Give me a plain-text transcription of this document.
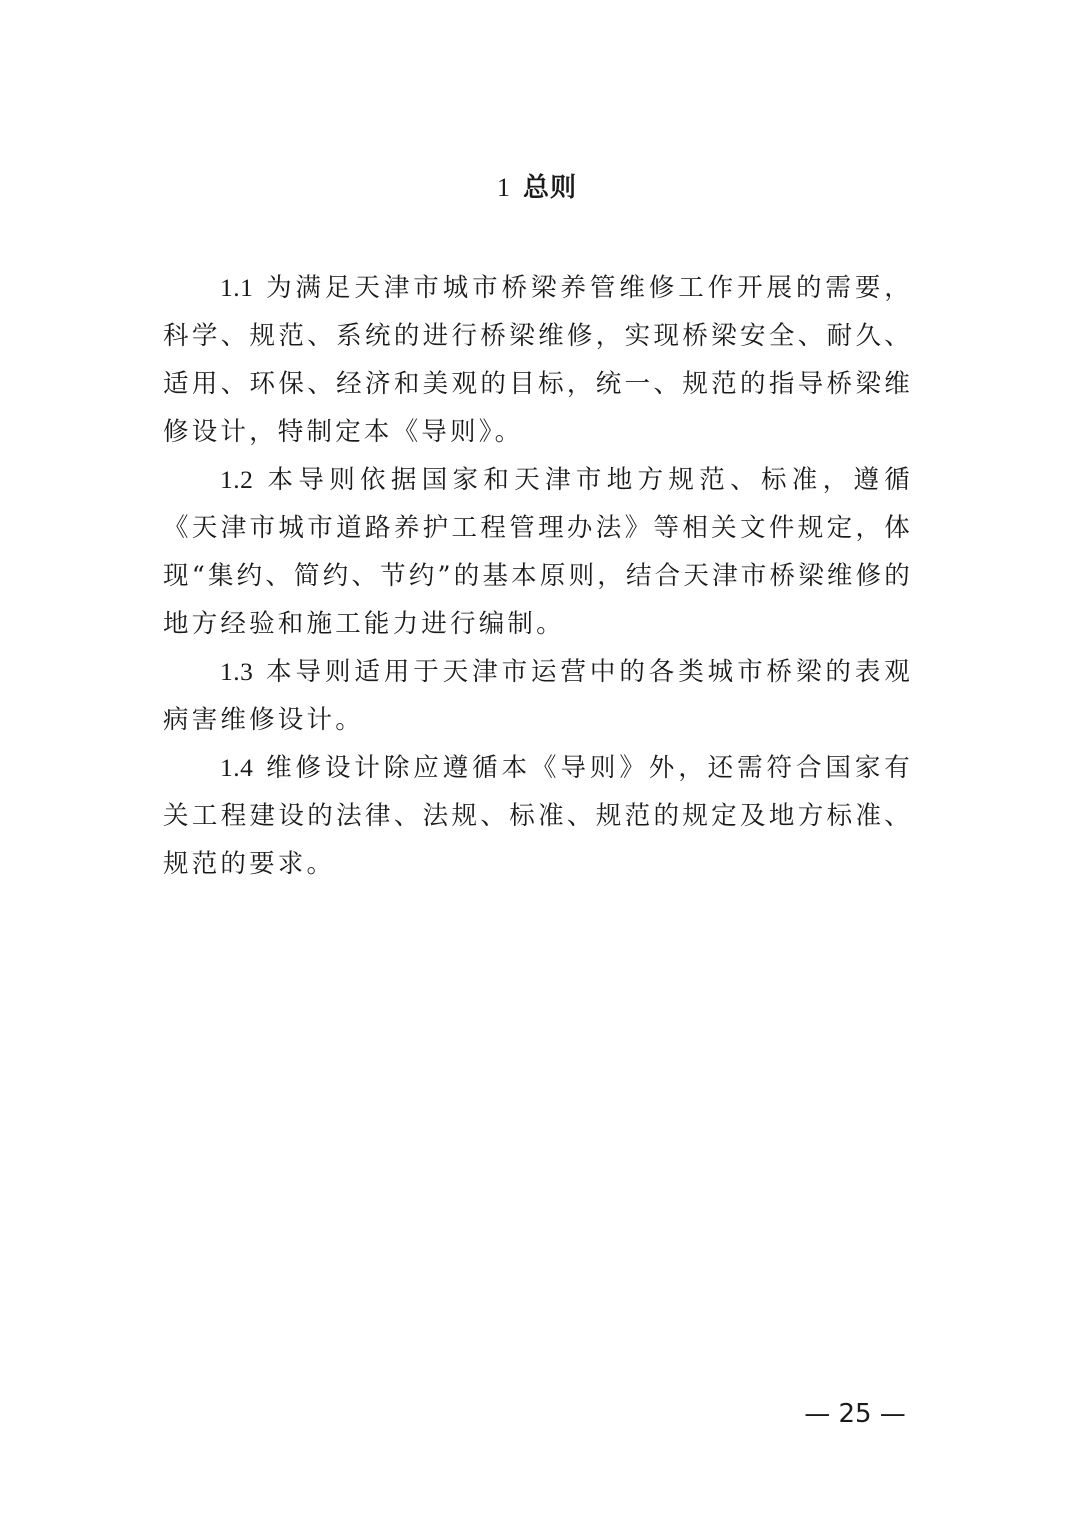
1 总则

1.1 为满足天津市城市桥梁养管维修工作开展的需要，科学、规范、系统的进行桥梁维修，实现桥梁安全、耐久、适用、环保、经济和美观的目标，统一、规范的指导桥梁维修设计，特制定本《导则》。

1.2 本导则依据国家和天津市地方规范、标准，遵循《天津市城市道路养护工程管理办法》等相关文件规定，体现“集约、简约、节约”的基本原则，结合天津市桥梁维修的地方经验和施工能力进行编制。

1.3 本导则适用于天津市运营中的各类城市桥梁的表观病害维修设计。

1.4 维修设计除应遵循本《导则》外，还需符合国家有关工程建设的法律、法规、标准、规范的规定及地方标准、规范的要求。

— 25 —
